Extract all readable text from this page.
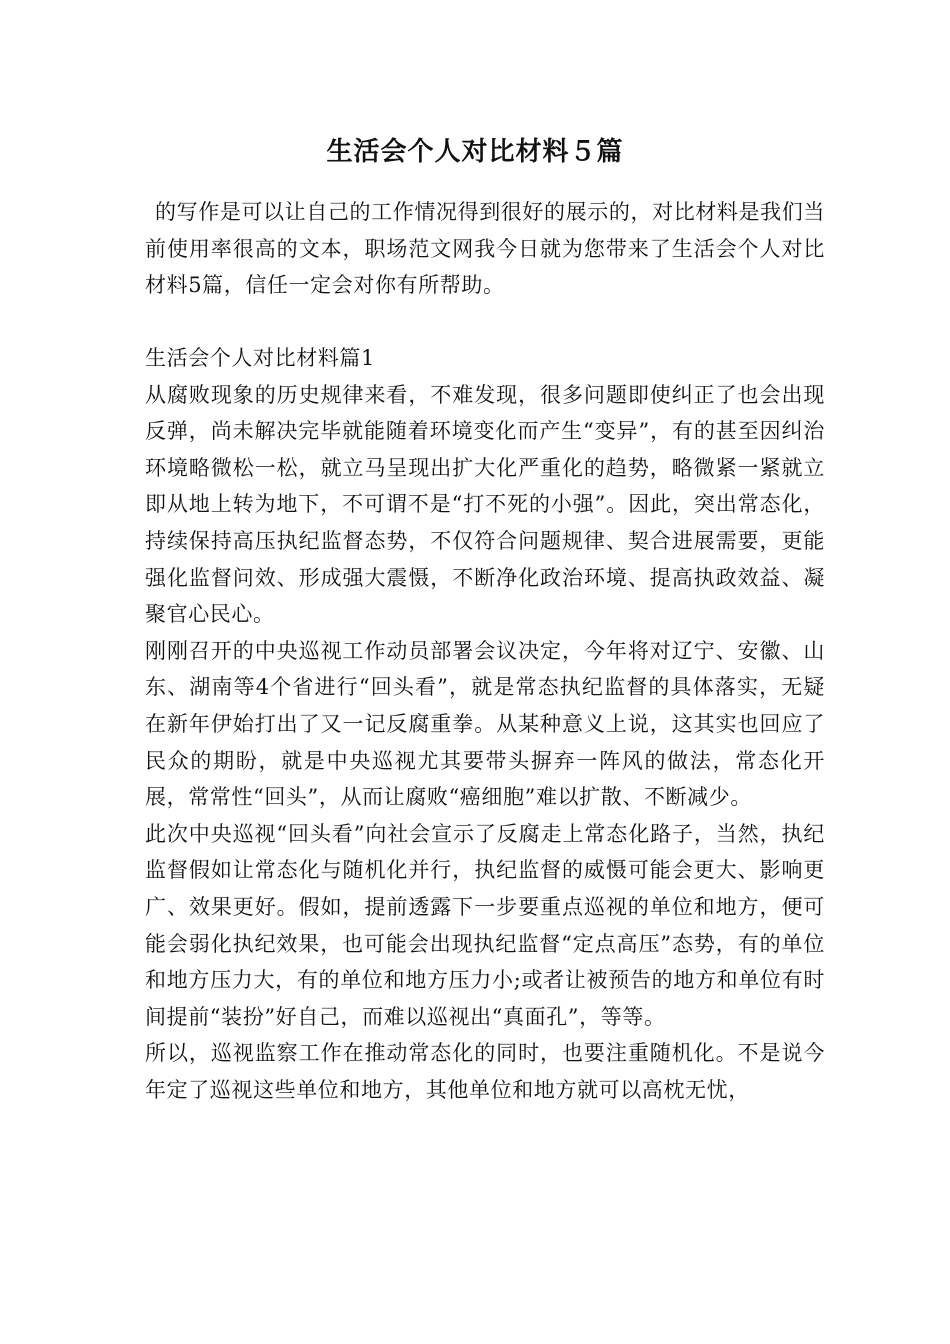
生活会个人对比材料５篇

的写作是可以让自己的工作情况得到很好的展示的，对比材料是我们当前使用率很高的文本，职场范文网我今日就为您带来了生活会个人对比材料5篇，信任一定会对你有所帮助。

生活会个人对比材料篇1

从腐败现象的历史规律来看，不难发现，很多问题即使纠正了也会出现反弹，尚未解决完毕就能随着环境变化而产生“变异”，有的甚至因纠治环境略微松一松，就立马呈现出扩大化严重化的趋势，略微紧一紧就立即从地上转为地下，不可谓不是“打不死的小强”。因此，突出常态化，持续保持高压执纪监督态势，不仅符合问题规律、契合进展需要，更能强化监督问效、形成强大震慑，不断净化政治环境、提高执政效益、凝聚官心民心。

刚刚召开的中央巡视工作动员部署会议决定，今年将对辽宁、安徽、山东、湖南等4个省进行“回头看”，就是常态执纪监督的具体落实，无疑在新年伊始打出了又一记反腐重拳。从某种意义上说，这其实也回应了民众的期盼，就是中央巡视尤其要带头摒弃一阵风的做法，常态化开展，常常性“回头”，从而让腐败“癌细胞”难以扩散、不断减少。

此次中央巡视“回头看”向社会宣示了反腐走上常态化路子，当然，执纪监督假如让常态化与随机化并行，执纪监督的威慑可能会更大、影响更广、效果更好。假如，提前透露下一步要重点巡视的单位和地方，便可能会弱化执纪效果，也可能会出现执纪监督“定点高压”态势，有的单位和地方压力大，有的单位和地方压力小;或者让被预告的地方和单位有时间提前“装扮”好自己，而难以巡视出“真面孔”，等等。

所以，巡视监察工作在推动常态化的同时，也要注重随机化。不是说今年定了巡视这些单位和地方，其他单位和地方就可以高枕无忧，
